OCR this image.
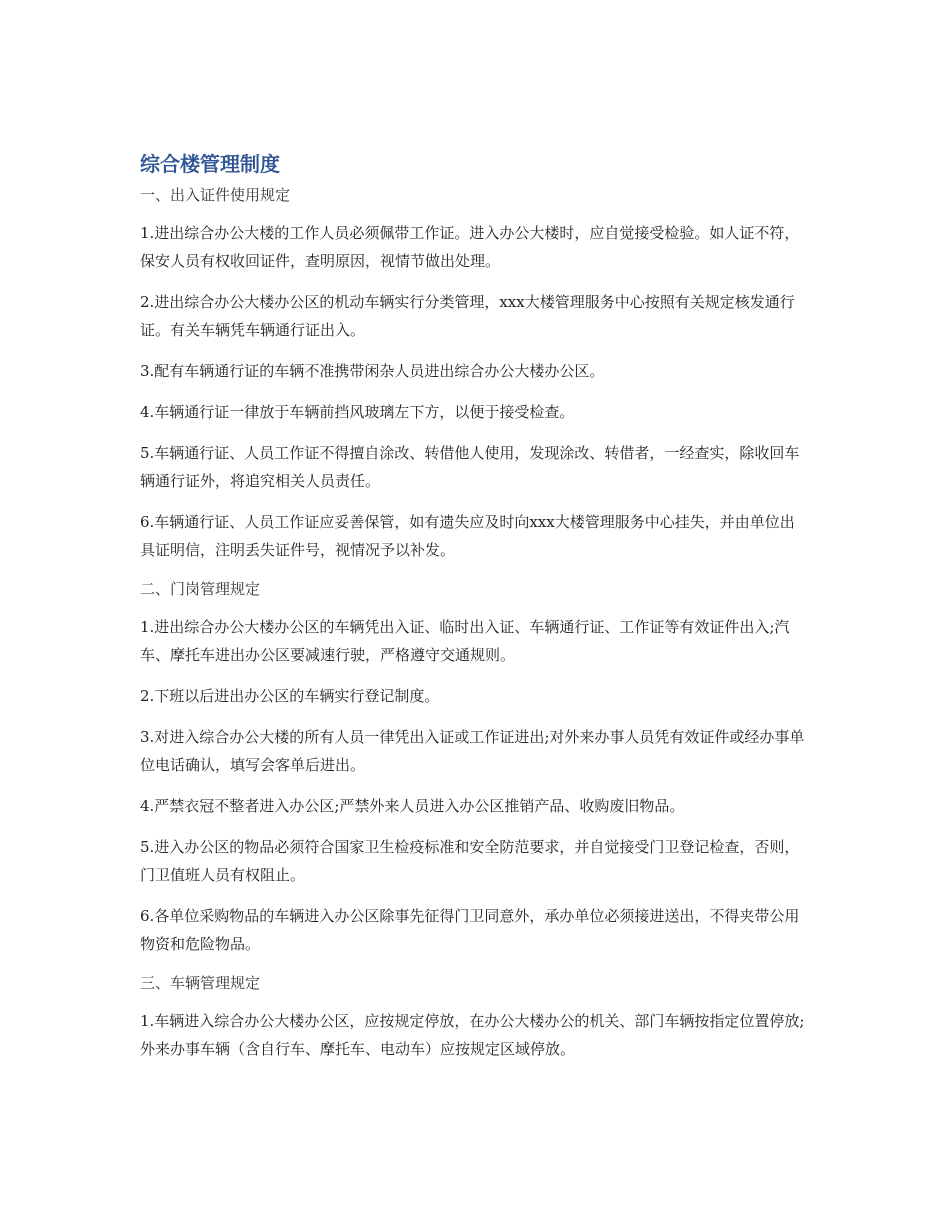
综合楼管理制度

一、出入证件使用规定

1.进出综合办公大楼的工作人员必须佩带工作证。进入办公大楼时，应自觉接受检验。如人证不符，保安人员有权收回证件，查明原因，视情节做出处理。

2.进出综合办公大楼办公区的机动车辆实行分类管理，xxx大楼管理服务中心按照有关规定核发通行证。有关车辆凭车辆通行证出入。

3.配有车辆通行证的车辆不准携带闲杂人员进出综合办公大楼办公区。

4.车辆通行证一律放于车辆前挡风玻璃左下方，以便于接受检查。

5.车辆通行证、人员工作证不得擅自涂改、转借他人使用，发现涂改、转借者，一经查实，除收回车辆通行证外，将追究相关人员责任。

6.车辆通行证、人员工作证应妥善保管，如有遗失应及时向xxx大楼管理服务中心挂失，并由单位出具证明信，注明丢失证件号，视情况予以补发。

二、门岗管理规定

1.进出综合办公大楼办公区的车辆凭出入证、临时出入证、车辆通行证、工作证等有效证件出入;汽车、摩托车进出办公区要减速行驶，严格遵守交通规则。

2.下班以后进出办公区的车辆实行登记制度。

3.对进入综合办公大楼的所有人员一律凭出入证或工作证进出;对外来办事人员凭有效证件或经办事单位电话确认，填写会客单后进出。

4.严禁衣冠不整者进入办公区;严禁外来人员进入办公区推销产品、收购废旧物品。

5.进入办公区的物品必须符合国家卫生检疫标准和安全防范要求，并自觉接受门卫登记检查，否则，门卫值班人员有权阻止。

6.各单位采购物品的车辆进入办公区除事先征得门卫同意外，承办单位必须接进送出，不得夹带公用物资和危险物品。

三、车辆管理规定

1.车辆进入综合办公大楼办公区，应按规定停放，在办公大楼办公的机关、部门车辆按指定位置停放;外来办事车辆（含自行车、摩托车、电动车）应按规定区域停放。
